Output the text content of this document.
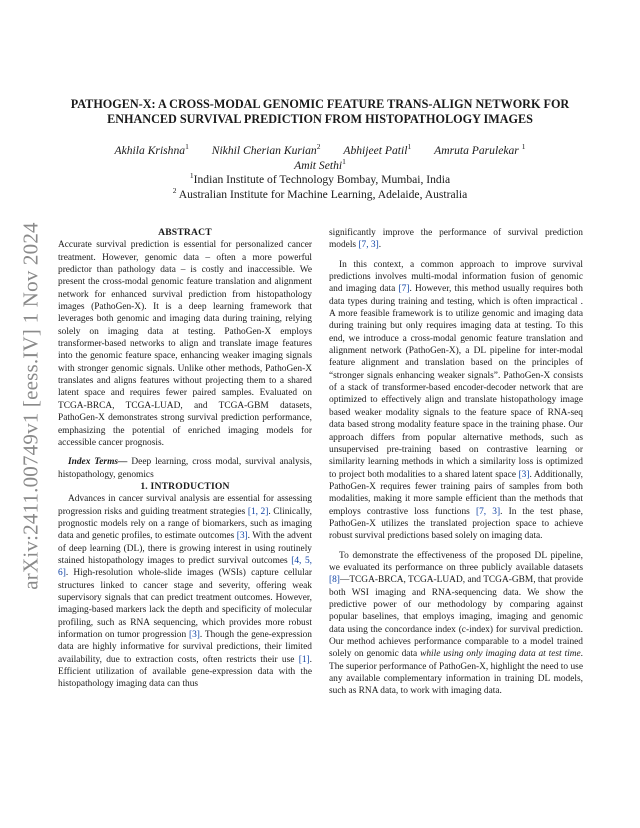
arXiv:2411.00749v1 [eess.IV] 1 Nov 2024
PATHOGEN-X: A CROSS-MODAL GENOMIC FEATURE TRANS-ALIGN NETWORK FOR
ENHANCED SURVIVAL PREDICTION FROM HISTOPATHOLOGY IMAGES
Akhila Krishna$^1$ Nikhil Cherian Kurian$^2$ Abhijeet Patil$^1$ Amruta Parulekar $^1$
Amit Sethi$^1$
$^1$Indian Institute of Technology Bombay, Mumbai, India
$^2$ Australian Institute for Machine Learning, Adelaide, Australia

ABSTRACT

Accurate survival prediction is essential for personalized cancer treatment. However, genomic data – often a more powerful predictor than pathology data – is costly and inaccessible. We present the cross-modal genomic feature translation and alignment network for enhanced survival prediction from histopathology images (PathoGen-X). It is a deep learning framework that leverages both genomic and imaging data during training, relying solely on imaging data at testing. PathoGen-X employs transformer-based networks to align and translate image features into the genomic feature space, enhancing weaker imaging signals with stronger genomic signals. Unlike other methods, PathoGen-X translates and aligns features without projecting them to a shared latent space and requires fewer paired samples. Evaluated on TCGA-BRCA, TCGA-LUAD, and TCGA-GBM datasets, PathoGen-X demonstrates strong survival prediction performance, emphasizing the potential of enriched imaging models for accessible cancer prognosis.

Index Terms— Deep learning, cross modal, survival analysis, histopathology, genomics

1. INTRODUCTION

Advances in cancer survival analysis are essential for assessing progression risks and guiding treatment strategies [1, 2]. Clinically, prognostic models rely on a range of biomarkers, such as imaging data and genetic profiles, to estimate outcomes [3]. With the advent of deep learning (DL), there is growing interest in using routinely stained histopathology images to predict survival outcomes [4, 5, 6]. High-resolution whole-slide images (WSIs) capture cellular structures linked to cancer stage and severity, offering weak supervisory signals that can predict treatment outcomes. However, imaging-based markers lack the depth and specificity of molecular profiling, such as RNA sequencing, which provides more robust information on tumor progression [3]. Though the gene-expression data are highly informative for survival predictions, their limited availability, due to extraction costs, often restricts their use [1]. Efficient utilization of available gene-expression data with the histopathology imaging data can thus

significantly improve the performance of survival prediction models [7, 3].

In this context, a common approach to improve survival predictions involves multi-modal information fusion of genomic and imaging data [7]. However, this method usually requires both data types during training and testing, which is often impractical . A more feasible framework is to utilize genomic and imaging data during training but only requires imaging data at testing. To this end, we introduce a cross-modal genomic feature translation and alignment network (PathoGen-X), a DL pipeline for inter-modal feature alignment and translation based on the principles of “stronger signals enhancing weaker signals”. PathoGen-X consists of a stack of transformer-based encoder-decoder network that are optimized to effectively align and translate histopathology image based weaker modality signals to the feature space of RNA-seq data based strong modality feature space in the training phase. Our approach differs from popular alternative methods, such as unsupervised pre-training based on contrastive learning or similarity learning methods in which a similarity loss is optimized to project both modalities to a shared latent space [3]. Additionally, PathoGen-X requires fewer training pairs of samples from both modalities, making it more sample efficient than the methods that employs contrastive loss functions [7, 3]. In the test phase, PathoGen-X utilizes the translated projection space to achieve robust survival predictions based solely on imaging data.

To demonstrate the effectiveness of the proposed DL pipeline, we evaluated its performance on three publicly available datasets [8]—TCGA-BRCA, TCGA-LUAD, and TCGA-GBM, that provide both WSI imaging and RNA-sequencing data. We show the predictive power of our methodology by comparing against popular baselines, that employs imaging, imaging and genomic data using the concordance index (c-index) for survival prediction. Our method achieves performance comparable to a model trained solely on genomic data while using only imaging data at test time. The superior performance of PathoGen-X, highlight the need to use any available complementary information in training DL models, such as RNA data, to work with imaging data.
